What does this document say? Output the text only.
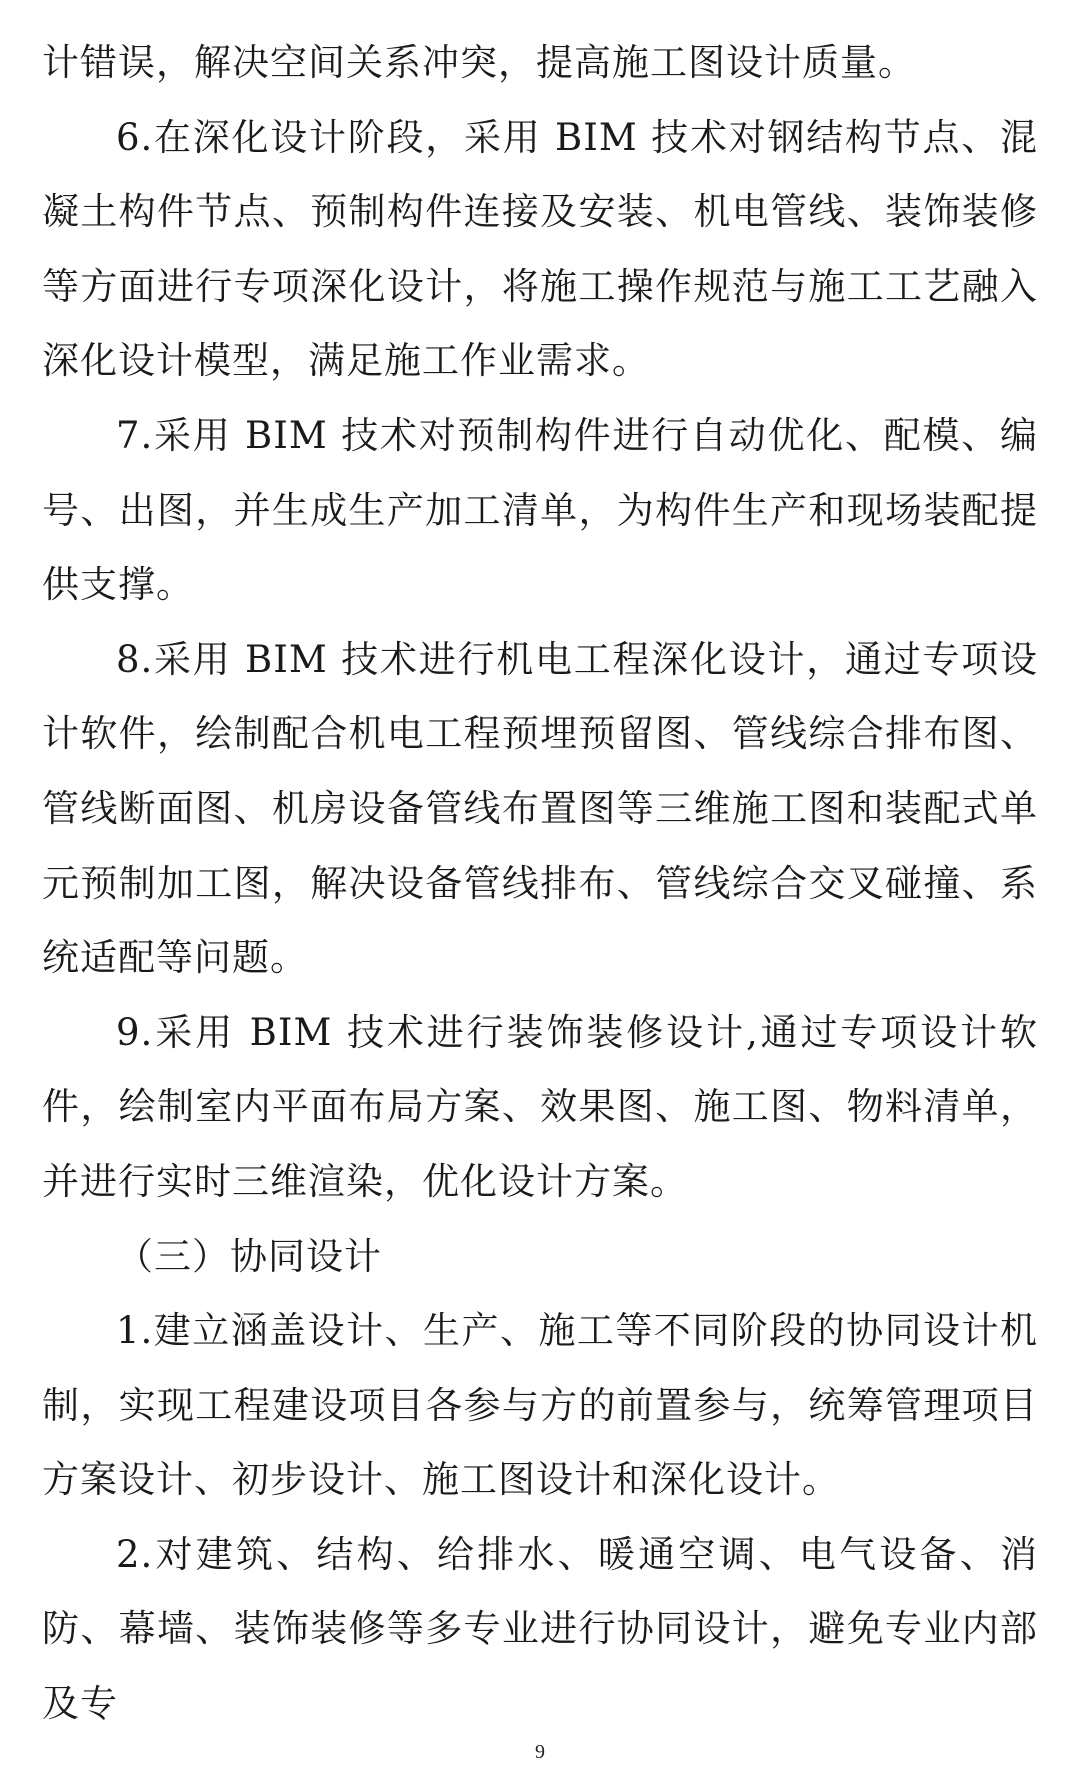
计错误，解决空间关系冲突，提高施工图设计质量。

6.在深化设计阶段，采用 BIM 技术对钢结构节点、混凝土构件节点、预制构件连接及安装、机电管线、装饰装修等方面进行专项深化设计，将施工操作规范与施工工艺融入深化设计模型，满足施工作业需求。

7.采用 BIM 技术对预制构件进行自动优化、配模、编号、出图，并生成生产加工清单，为构件生产和现场装配提供支撑。

8.采用 BIM 技术进行机电工程深化设计，通过专项设计软件，绘制配合机电工程预埋预留图、管线综合排布图、管线断面图、机房设备管线布置图等三维施工图和装配式单元预制加工图，解决设备管线排布、管线综合交叉碰撞、系统适配等问题。

9.采用 BIM 技术进行装饰装修设计,通过专项设计软件，绘制室内平面布局方案、效果图、施工图、物料清单，并进行实时三维渲染，优化设计方案。

（三）协同设计

1.建立涵盖设计、生产、施工等不同阶段的协同设计机制，实现工程建设项目各参与方的前置参与，统筹管理项目方案设计、初步设计、施工图设计和深化设计。

2.对建筑、结构、给排水、暖通空调、电气设备、消防、幕墙、装饰装修等多专业进行协同设计，避免专业内部及专

9
